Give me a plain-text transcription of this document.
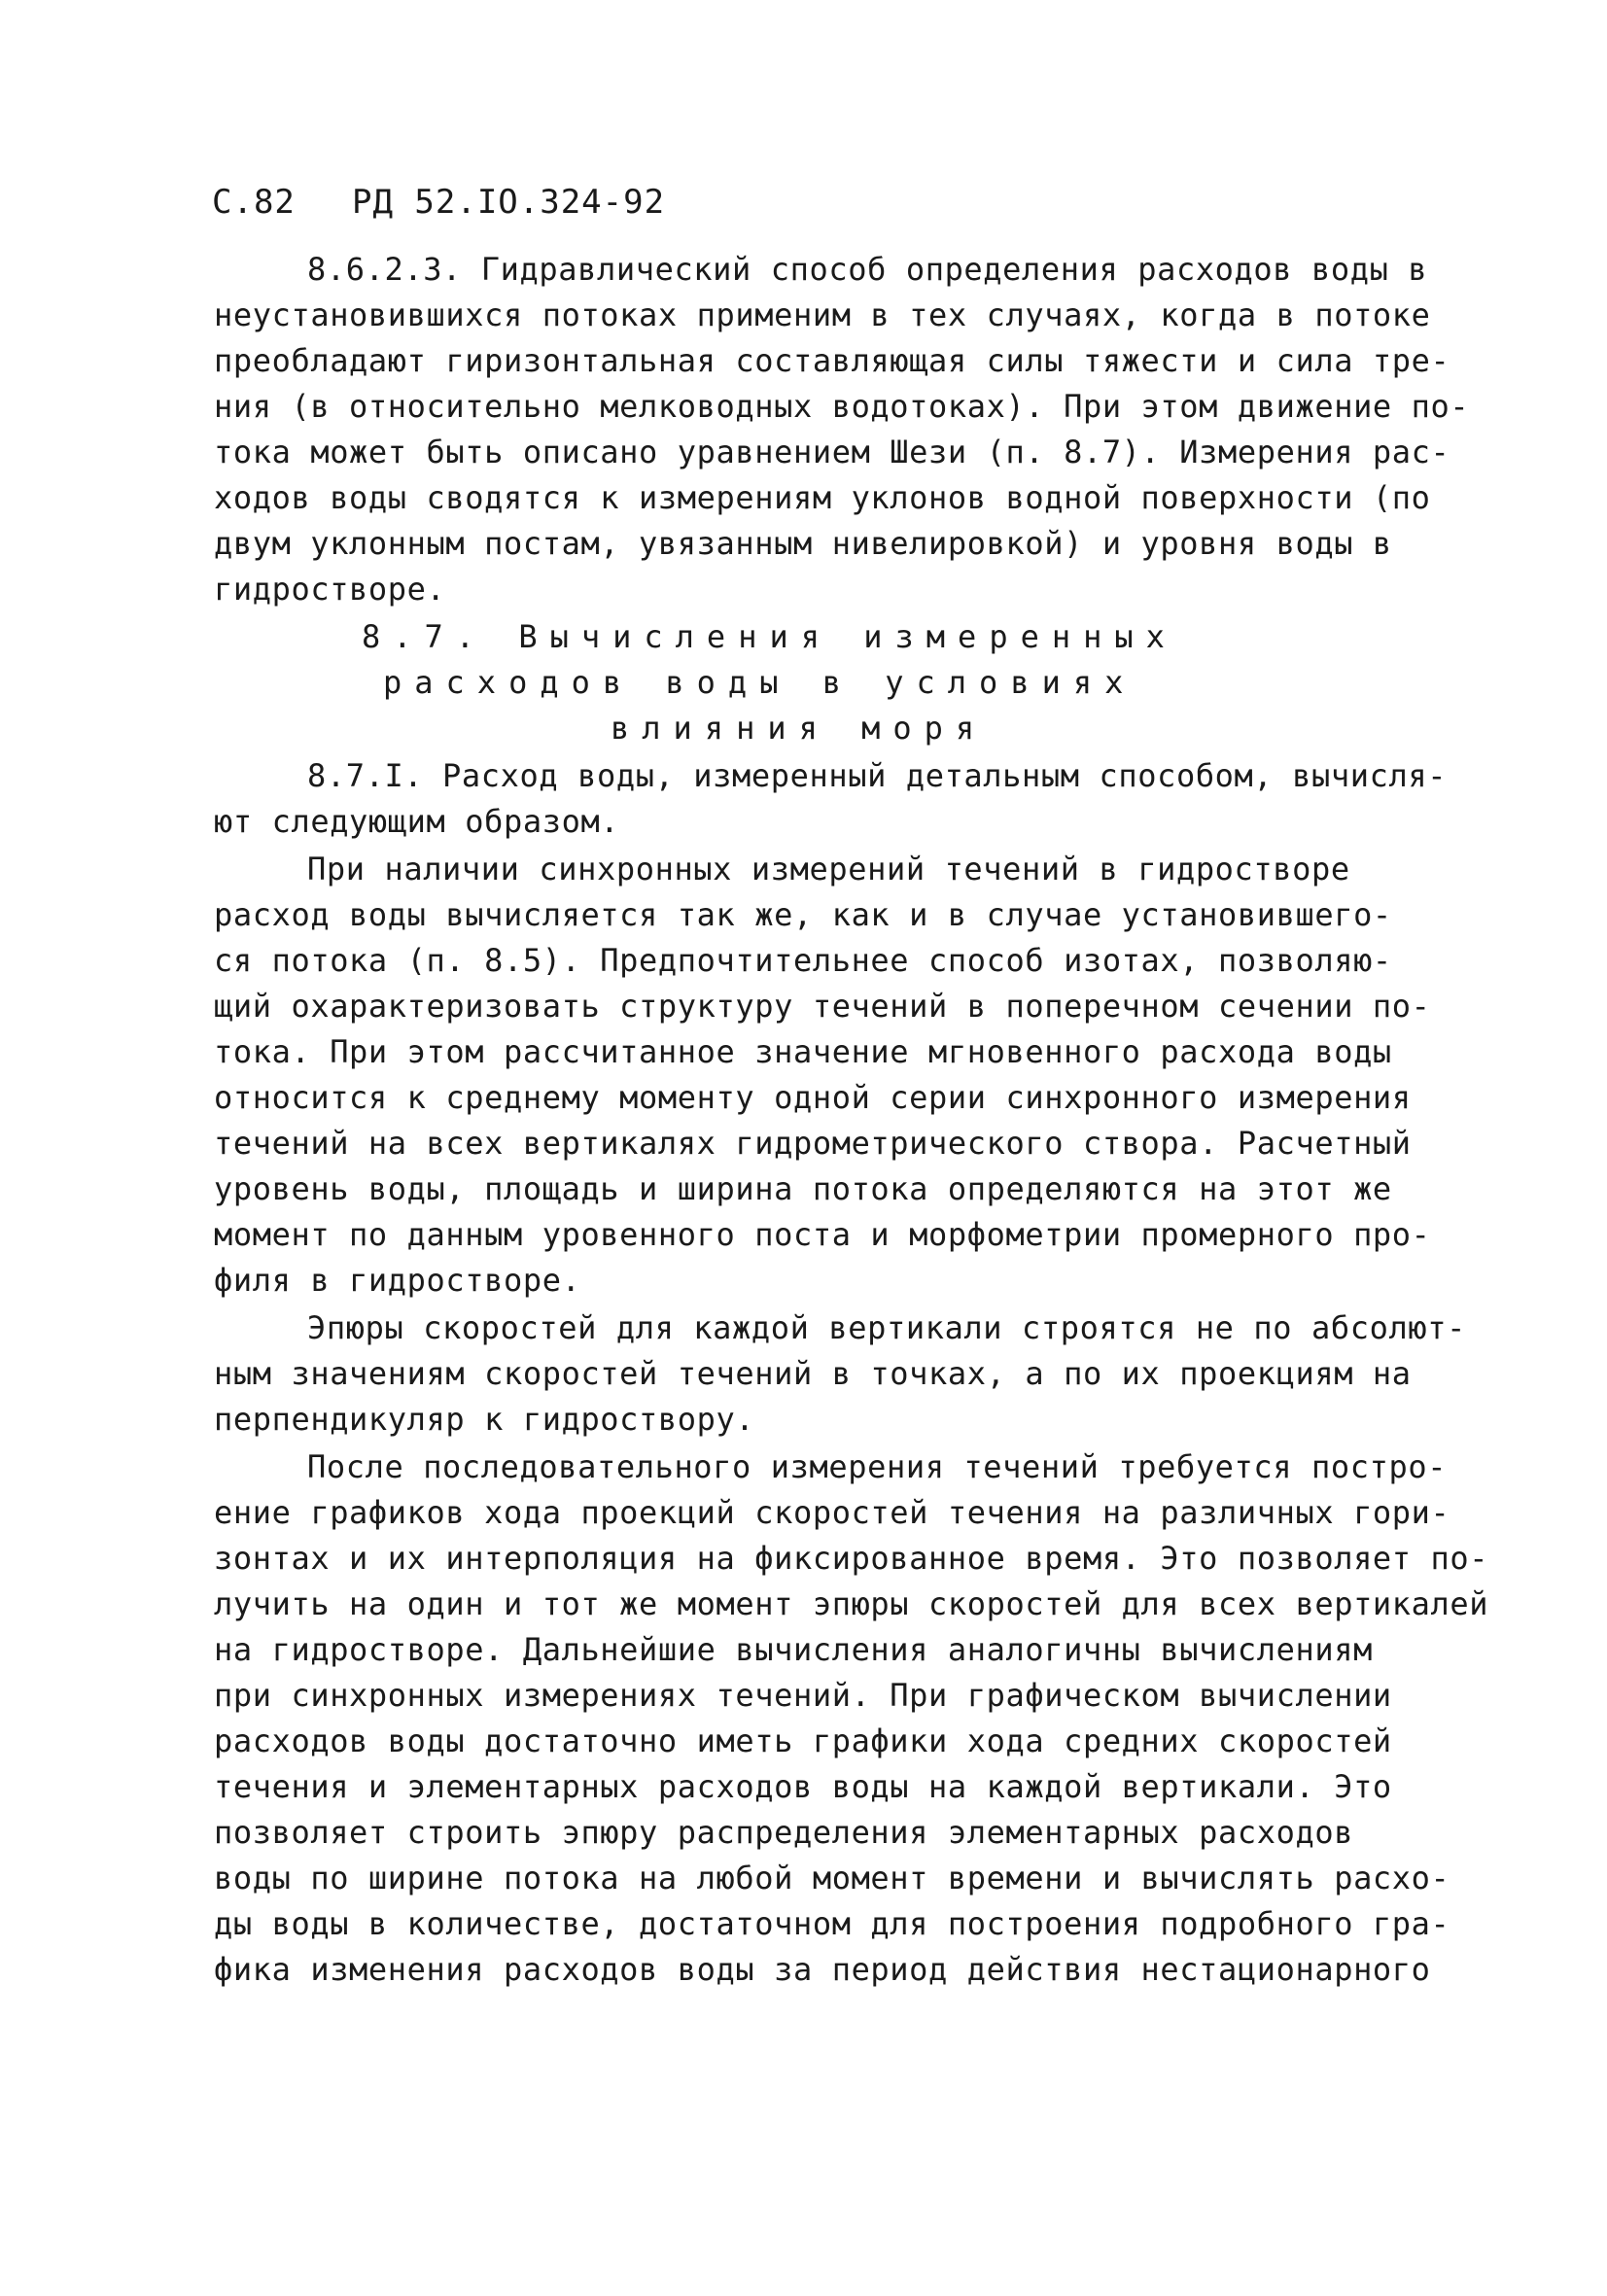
С.82 РД 52.IO.324-92
8.6.2.3. Гидравлический способ определения расходов воды в
неустановившихся потоках применим в тех случаях, когда в потоке
преобладают гиризонтальная составляющая силы тяжести и сила тре-
ния (в относительно мелководных водотоках). При этом движение по-
тока может быть описано уравнением Шези (п. 8.7). Измерения рас-
ходов воды сводятся к измерениям уклонов водной поверхности (по
двум уклонным постам, увязанным нивелировкой) и уровня воды в
гидростворе.
8.7. Вычисления измеренных
расходов воды в условиях
влияния моря
8.7.I. Расход воды, измеренный детальным способом, вычисля-
ют следующим образом.
При наличии синхронных измерений течений в гидростворе
расход воды вычисляется так же, как и в случае установившего-
ся потока (п. 8.5). Предпочтительнее способ изотах, позволяю-
щий охарактеризовать структуру течений в поперечном сечении по-
тока. При этом рассчитанное значение мгновенного расхода воды
относится к среднему моменту одной серии синхронного измерения
течений на всех вертикалях гидрометрического створа. Расчетный
уровень воды, площадь и ширина потока определяются на этот же
момент по данным уровенного поста и морфометрии промерного про-
филя в гидростворе.
Эпюры скоростей для каждой вертикали строятся не по абсолют-
ным значениям скоростей течений в точках, а по их проекциям на
перпендикуляр к гидроствору.
После последовательного измерения течений требуется постро-
ение графиков хода проекций скоростей течения на различных гори-
зонтах и их интерполяция на фиксированное время. Это позволяет по-
лучить на один и тот же момент эпюры скоростей для всех вертикалей
на гидростворе. Дальнейшие вычисления аналогичны вычислениям
при синхронных измерениях течений. При графическом вычислении
расходов воды достаточно иметь графики хода средних скоростей
течения и элементарных расходов воды на каждой вертикали. Это
позволяет строить эпюру распределения элементарных расходов
воды по ширине потока на любой момент времени и вычислять расхо-
ды воды в количестве, достаточном для построения подробного гра-
фика изменения расходов воды за период действия нестационарного
